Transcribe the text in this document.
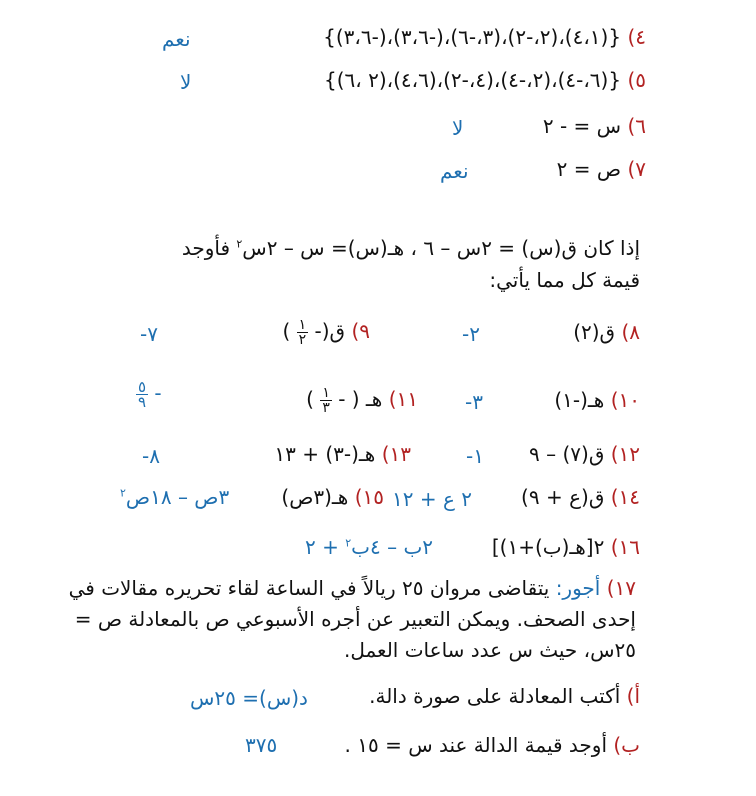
٤) {(٤،١)،(٢،-٢)،(٣،-٦)،(-٣،٦)،(-٣،٦)}
نعم
٥) {(٦،-٤)،(٢،-٤)،(٤،-٢)،(٤،٦)،(٢ ،٦)}
لا
٦) س = - ٢
لا
٧) ص = ٢
نعم
إذا كان ق(س) = ٢س – ٦ ، هـ(س)= س – ٢س$^٢$ فأوجد
قيمة كل مما يأتي:
٨) ق(٢)
-٢
٩) ق(-
$\frac{١}{٢}$
)
-٧
١٠) هـ(-١)
-٣
١١) هـ ( -
$\frac{١}{٣}$
)
-
$\frac{٥}{٩}$
١٢) ق(٧) – ٩
-١
١٣) هـ(-٣) + ١٣
-٨
١٤) ق(ع + ٩)
٢ ع + ١٢
١٥) هـ(٣ص)
٣ص – ١٨ص$^٢$
١٦) ٢[هـ(ب)+١)]
٢ب – ٤ب$^٢$ + ٢
١٧) أجور: يتقاضى مروان ٢٥ ريالاً في الساعة لقاء تحريره مقالات في إحدى الصحف. ويمكن التعبير عن أجره الأسبوعي ص بالمعادلة ص = ٢٥س، حيث س عدد ساعات العمل.
أ) أكتب المعادلة على صورة دالة.
د(س)= ٢٥س
ب) أوجد قيمة الدالة عند س = ١٥ .
٣٧٥
